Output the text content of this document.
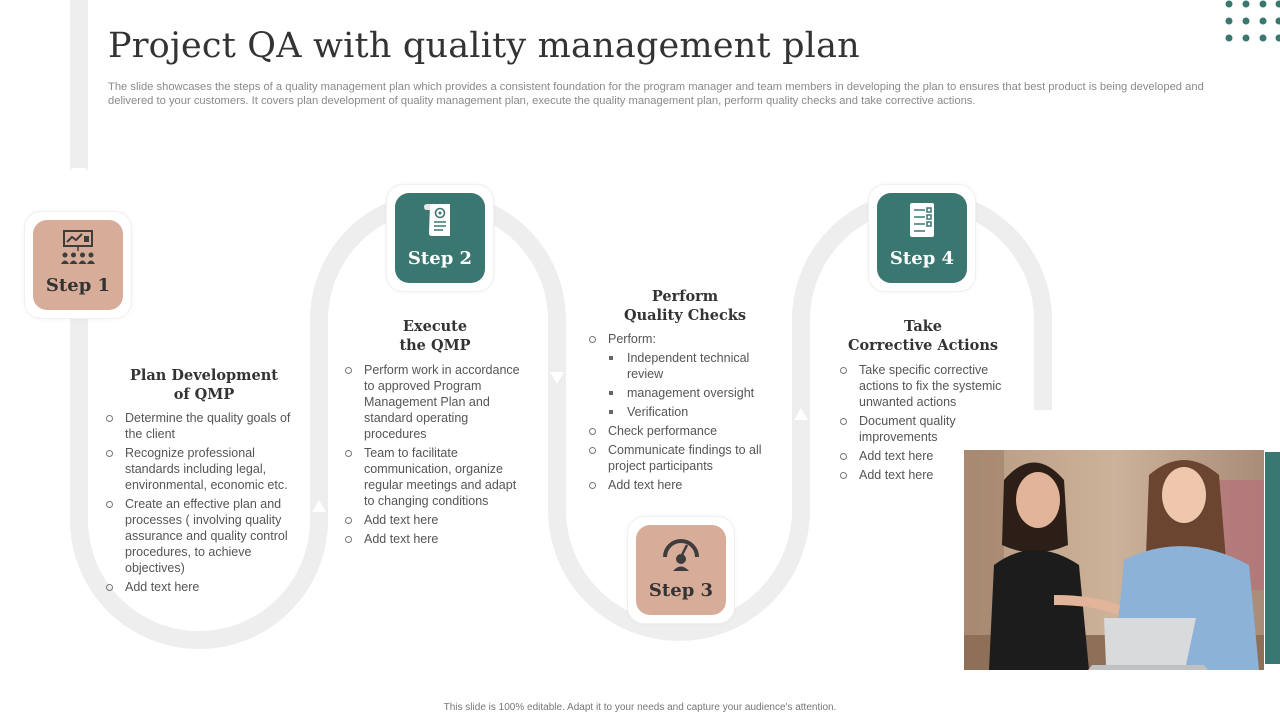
Project QA with quality management plan
The slide showcases the steps of a quality management plan which provides a consistent foundation for the program manager and team members in developing the plan to ensures that best product is being developed and delivered to your customers. It covers plan development of quality management plan, execute the quality management plan, perform quality checks and take corrective actions.
Step 1
Plan Development
of QMP
Determine the quality goals of the client
Recognize professional standards including legal, environmental, economic etc.
Create an effective plan and processes ( involving quality assurance and quality control procedures, to achieve objectives)
Add text here
Step 2
Execute
the QMP
Perform work in accordance to approved Program Management Plan and standard operating procedures
Team to facilitate communication, organize regular meetings and adapt to changing conditions
Add text here
Add text here
Perform
Quality Checks
Perform:
Independent technical review
management oversight
Verification
Check performance
Communicate findings to all project participants
Add text here
Step 3
Step 4
Take
Corrective Actions
Take specific corrective actions to fix the systemic unwanted actions
Document quality improvements
Add text here
Add text here
This slide is 100% editable. Adapt it to your needs and capture your audience's attention.
